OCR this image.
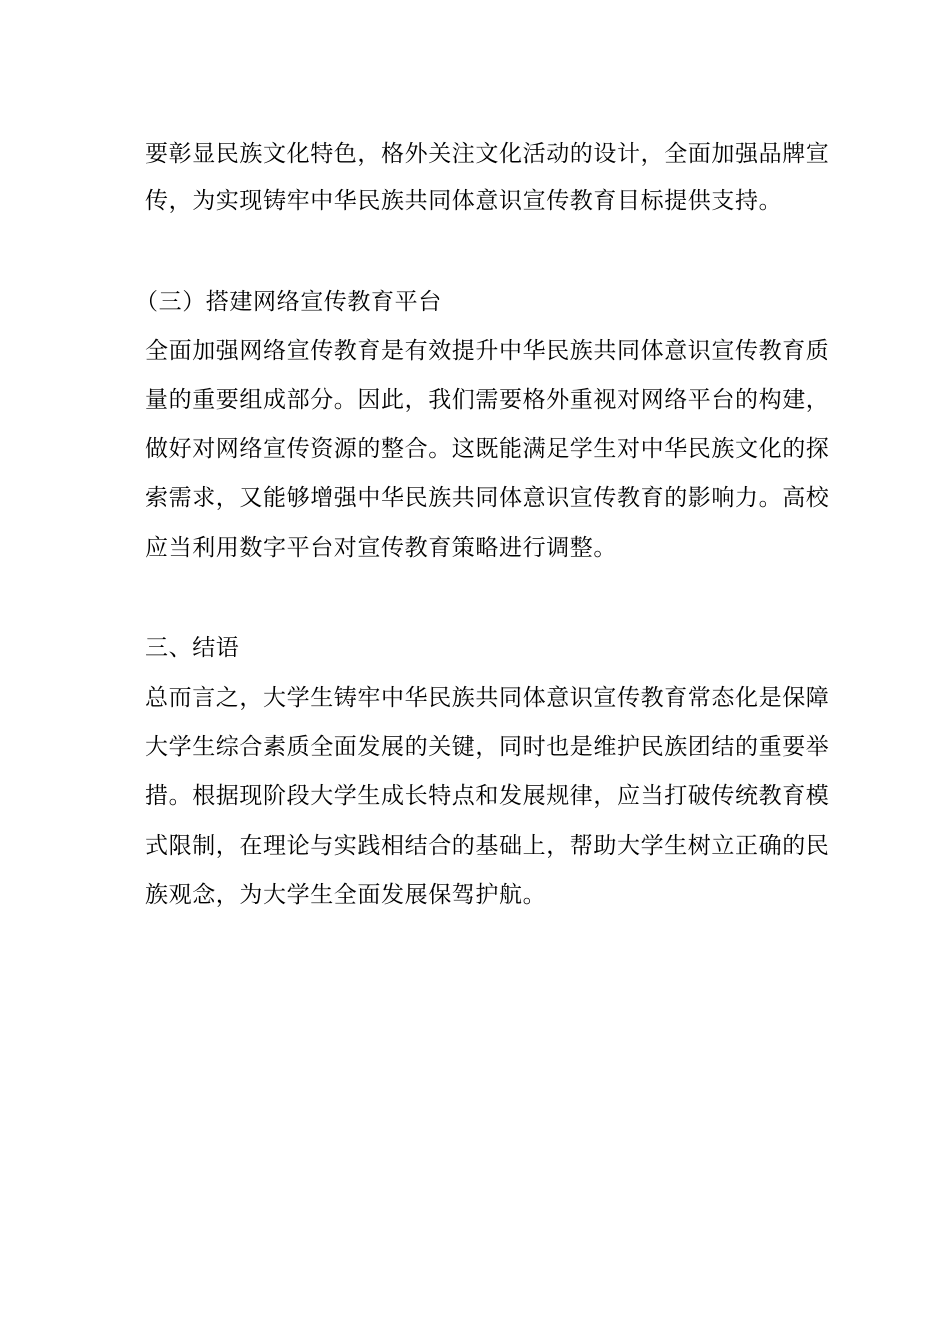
要彰显民族文化特色，格外关注文化活动的设计，全面加强品牌宣
传，为实现铸牢中华民族共同体意识宣传教育目标提供支持。
（三）搭建网络宣传教育平台
全面加强网络宣传教育是有效提升中华民族共同体意识宣传教育质
量的重要组成部分。因此，我们需要格外重视对网络平台的构建，
做好对网络宣传资源的整合。这既能满足学生对中华民族文化的探
索需求，又能够增强中华民族共同体意识宣传教育的影响力。高校
应当利用数字平台对宣传教育策略进行调整。
三、结语
总而言之，大学生铸牢中华民族共同体意识宣传教育常态化是保障
大学生综合素质全面发展的关键，同时也是维护民族团结的重要举
措。根据现阶段大学生成长特点和发展规律，应当打破传统教育模
式限制，在理论与实践相结合的基础上，帮助大学生树立正确的民
族观念，为大学生全面发展保驾护航。
